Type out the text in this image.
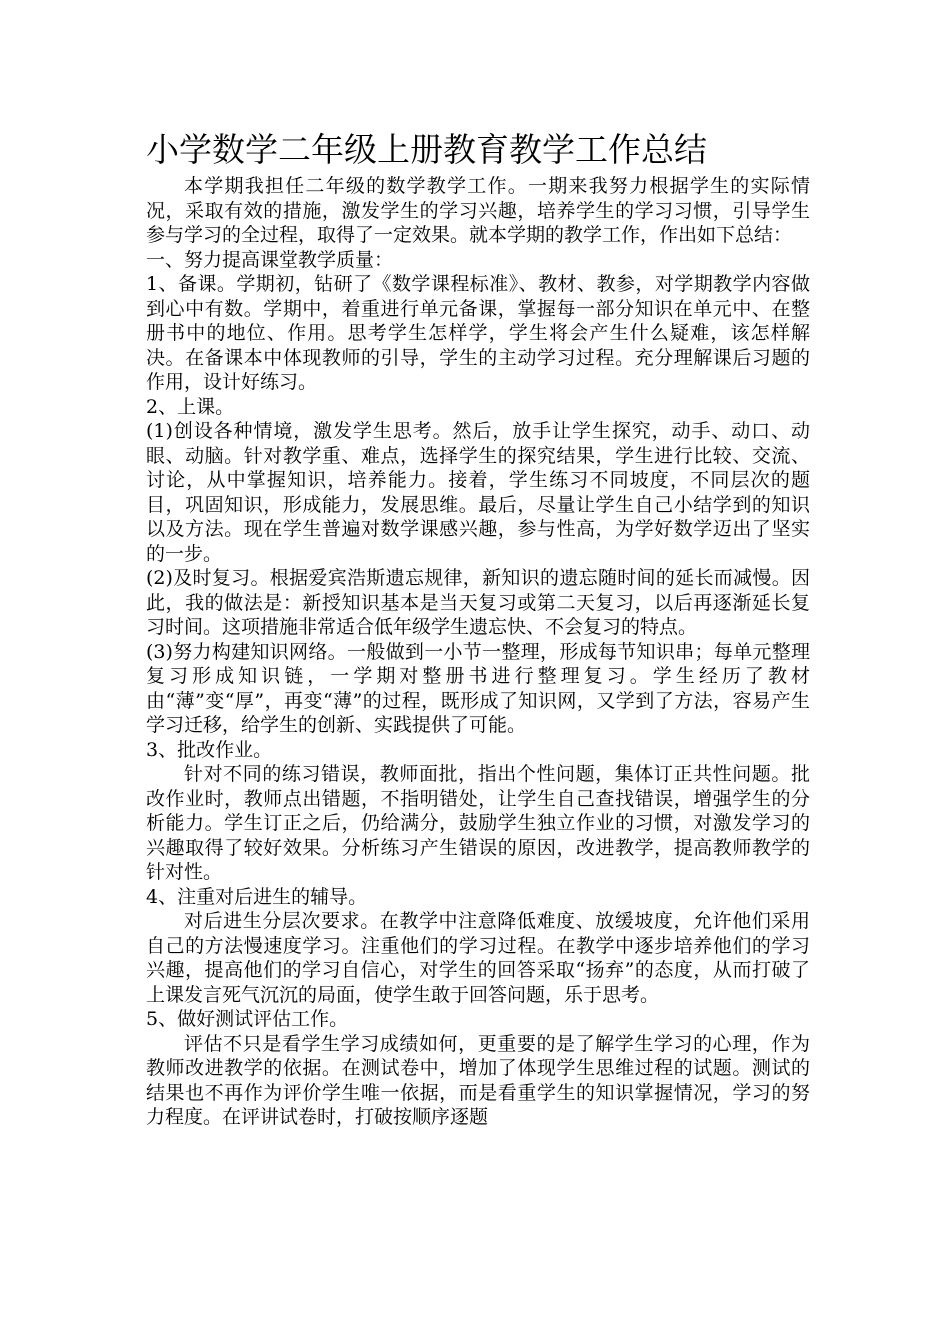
小学数学二年级上册教育教学工作总结

本学期我担任二年级的数学教学工作。一期来我努力根据学生的实际情况，采取有效的措施，激发学生的学习兴趣，培养学生的学习习惯，引导学生参与学习的全过程，取得了一定效果。就本学期的教学工作，作出如下总结：

一、努力提高课堂教学质量：

1、备课。学期初，钻研了《数学课程标准》、教材、教参，对学期教学内容做到心中有数。学期中，着重进行单元备课，掌握每一部分知识在单元中、在整册书中的地位、作用。思考学生怎样学，学生将会产生什么疑难，该怎样解决。在备课本中体现教师的引导，学生的主动学习过程。充分理解课后习题的作用，设计好练习。

2、上课。

(1)创设各种情境，激发学生思考。然后，放手让学生探究，动手、动口、动眼、动脑。针对教学重、难点，选择学生的探究结果，学生进行比较、交流、讨论，从中掌握知识，培养能力。接着，学生练习不同坡度，不同层次的题目，巩固知识，形成能力，发展思维。最后，尽量让学生自己小结学到的知识以及方法。现在学生普遍对数学课感兴趣，参与性高，为学好数学迈出了坚实的一步。

(2)及时复习。根据爱宾浩斯遗忘规律，新知识的遗忘随时间的延长而减慢。因此，我的做法是：新授知识基本是当天复习或第二天复习，以后再逐渐延长复习时间。这项措施非常适合低年级学生遗忘快、不会复习的特点。

(3)努力构建知识网络。一般做到一小节一整理，形成每节知识串；每单元整理复习形成知识链，一学期对整册书进行整理复习。学生经历了教材由“薄”变“厚”，再变“薄”的过程，既形成了知识网，又学到了方法，容易产生学习迁移，给学生的创新、实践提供了可能。

3、批改作业。

针对不同的练习错误，教师面批，指出个性问题，集体订正共性问题。批改作业时，教师点出错题，不指明错处，让学生自己查找错误，增强学生的分析能力。学生订正之后，仍给满分，鼓励学生独立作业的习惯，对激发学习的兴趣取得了较好效果。分析练习产生错误的原因，改进教学，提高教师教学的针对性。

4、注重对后进生的辅导。

对后进生分层次要求。在教学中注意降低难度、放缓坡度，允许他们采用自己的方法慢速度学习。注重他们的学习过程。在教学中逐步培养他们的学习兴趣，提高他们的学习自信心，对学生的回答采取“扬弃”的态度，从而打破了上课发言死气沉沉的局面，使学生敢于回答问题，乐于思考。

5、做好测试评估工作。

评估不只是看学生学习成绩如何，更重要的是了解学生学习的心理，作为教师改进教学的依据。在测试卷中，增加了体现学生思维过程的试题。测试的结果也不再作为评价学生唯一依据，而是看重学生的知识掌握情况，学习的努力程度。在评讲试卷时，打破按顺序逐题
